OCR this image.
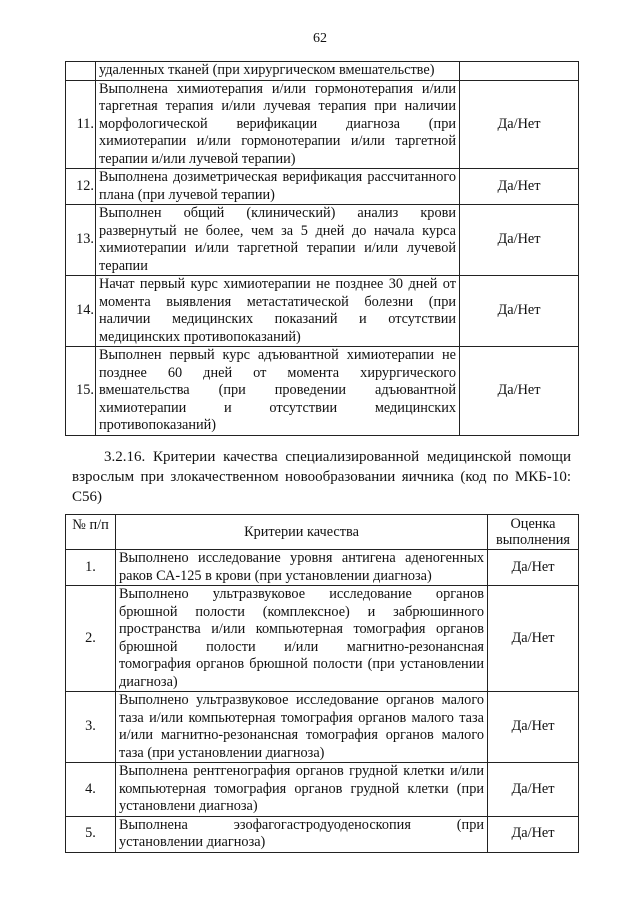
62
	удаленных тканей (при хирургическом вмешательстве)	
11.	Выполнена химиотерапия и/или гормонотерапия и/или таргетная терапия и/или лучевая терапия при наличии морфологической верификации диагноза (при химиотерапии и/или гормонотерапии и/или таргетной терапии и/или лучевой терапии)	Да/Нет
12.	Выполнена дозиметрическая верификация рассчитанного плана (при лучевой терапии)	Да/Нет
13.	Выполнен общий (клинический) анализ крови развернутый не более, чем за 5 дней до начала курса химиотерапии и/или таргетной терапии и/или лучевой терапии	Да/Нет
14.	Начат первый курс химиотерапии не позднее 30 дней от момента выявления метастатической болезни (при наличии медицинских показаний и отсутствии медицинских противопоказаний)	Да/Нет
15.	Выполнен первый курс адъювантной химиотерапии не позднее 60 дней от момента хирургического вмешательства (при проведении адъювантной химиотерапии и отсутствии медицинских противопоказаний)	Да/Нет
3.2.16. Критерии качества специализированной медицинской помощи взрослым при злокачественном новообразовании яичника (код по МКБ-10: С56)
№ п/п	Критерии качества	Оценка выполнения
1.	Выполнено исследование уровня антигена аденогенных раков СА-125 в крови (при установлении диагноза)	Да/Нет
2.	Выполнено ультразвуковое исследование органов брюшной полости (комплексное) и забрюшинного пространства и/или компьютерная томография органов брюшной полости и/или магнитно-резонансная томография органов брюшной полости (при установлении диагноза)	Да/Нет
3.	Выполнено ультразвуковое исследование органов малого таза и/или компьютерная томография органов малого таза и/или магнитно-резонансная томография органов малого таза (при установлении диагноза)	Да/Нет
4.	Выполнена рентгенография органов грудной клетки и/или компьютерная томография органов грудной клетки (при установлени диагноза)	Да/Нет
5.	Выполнена эзофагогастродуоденоскопия (при установлении диагноза)	Да/Нет
